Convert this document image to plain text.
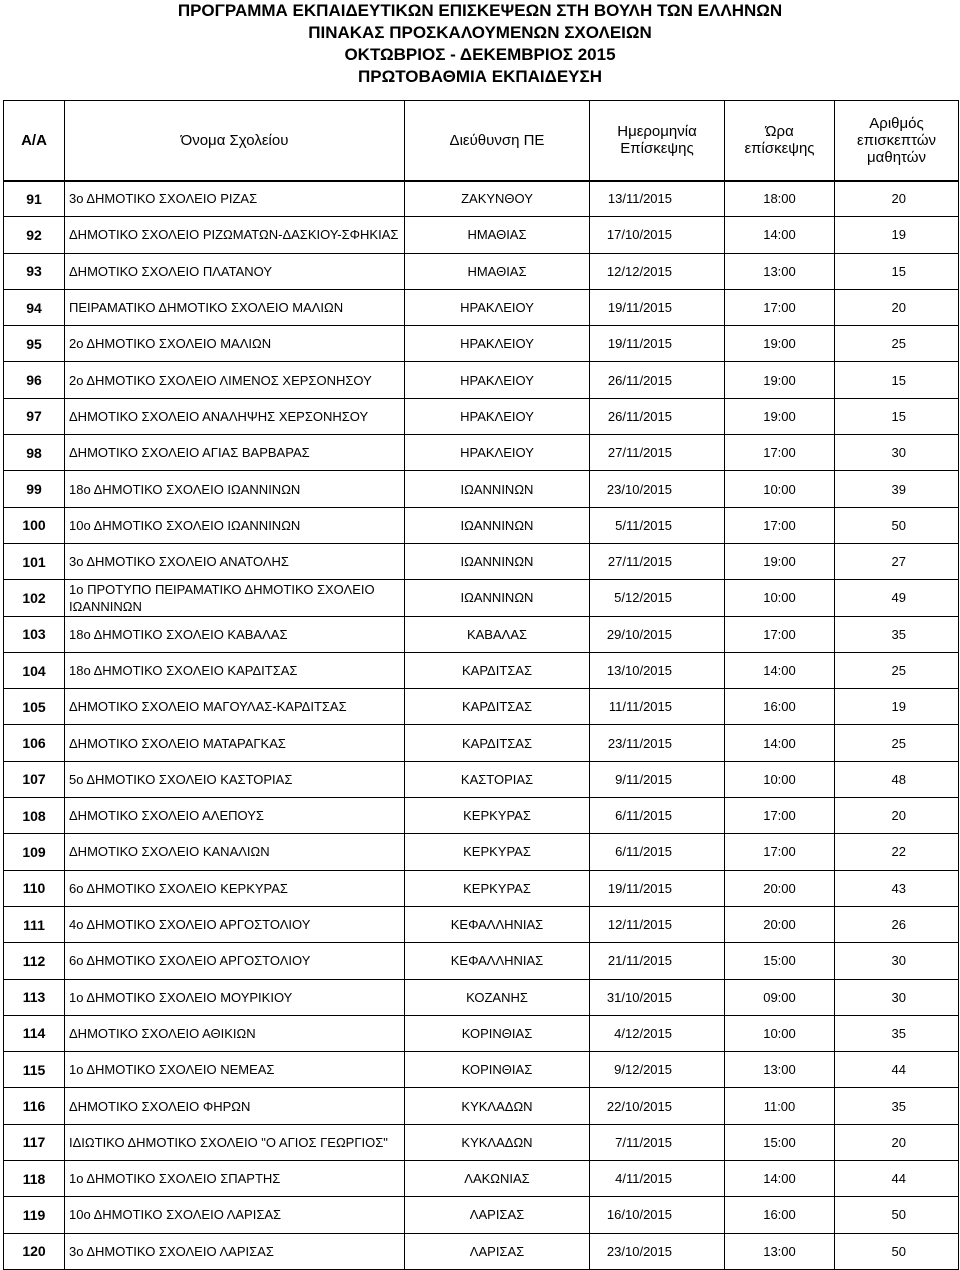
ΠΡΟΓΡΑΜΜΑ ΕΚΠΑΙΔΕΥΤΙΚΩΝ ΕΠΙΣΚΕΨΕΩΝ ΣΤΗ ΒΟΥΛΗ ΤΩΝ ΕΛΛΗΝΩΝ
ΠΙΝΑΚΑΣ ΠΡΟΣΚΑΛΟΥΜΕΝΩΝ ΣΧΟΛΕΙΩΝ
ΟΚΤΩΒΡΙΟΣ - ΔΕΚΕΜΒΡΙΟΣ 2015
ΠΡΩΤΟΒΑΘΜΙΑ ΕΚΠΑΙΔΕΥΣΗ
Α/Α	Όνομα Σχολείου	Διεύθυνση ΠΕ	Ημερομηνία Επίσκεψης	Ώρα επίσκεψης	Αριθμός επισκεπτών μαθητών
91	3ο ΔΗΜΟΤΙΚΟ ΣΧΟΛΕΙΟ ΡΙΖΑΣ	ΖΑΚΥΝΘΟΥ	13/11/2015	18:00	20
92	ΔΗΜΟΤΙΚΟ ΣΧΟΛΕΙΟ ΡΙΖΩΜΑΤΩΝ-ΔΑΣΚΙΟΥ-ΣΦΗΚΙΑΣ	ΗΜΑΘΙΑΣ	17/10/2015	14:00	19
93	ΔΗΜΟΤΙΚΟ ΣΧΟΛΕΙΟ ΠΛΑΤΑΝΟΥ	ΗΜΑΘΙΑΣ	12/12/2015	13:00	15
94	ΠΕΙΡΑΜΑΤΙΚΟ ΔΗΜΟΤΙΚΟ ΣΧΟΛΕΙΟ ΜΑΛΙΩΝ	ΗΡΑΚΛΕΙΟΥ	19/11/2015	17:00	20
95	2ο ΔΗΜΟΤΙΚΟ ΣΧΟΛΕΙΟ ΜΑΛΙΩΝ	ΗΡΑΚΛΕΙΟΥ	19/11/2015	19:00	25
96	2ο ΔΗΜΟΤΙΚΟ ΣΧΟΛΕΙΟ ΛΙΜΕΝΟΣ ΧΕΡΣΟΝΗΣΟΥ	ΗΡΑΚΛΕΙΟΥ	26/11/2015	19:00	15
97	ΔΗΜΟΤΙΚΟ ΣΧΟΛΕΙΟ ΑΝΑΛΗΨΗΣ ΧΕΡΣΟΝΗΣΟΥ	ΗΡΑΚΛΕΙΟΥ	26/11/2015	19:00	15
98	ΔΗΜΟΤΙΚΟ ΣΧΟΛΕΙΟ ΑΓΙΑΣ ΒΑΡΒΑΡΑΣ	ΗΡΑΚΛΕΙΟΥ	27/11/2015	17:00	30
99	18ο ΔΗΜΟΤΙΚΟ ΣΧΟΛΕΙΟ ΙΩΑΝΝΙΝΩΝ	ΙΩΑΝΝΙΝΩΝ	23/10/2015	10:00	39
100	10ο ΔΗΜΟΤΙΚΟ ΣΧΟΛΕΙΟ ΙΩΑΝΝΙΝΩΝ	ΙΩΑΝΝΙΝΩΝ	5/11/2015	17:00	50
101	3ο ΔΗΜΟΤΙΚΟ ΣΧΟΛΕΙΟ ΑΝΑΤΟΛΗΣ	ΙΩΑΝΝΙΝΩΝ	27/11/2015	19:00	27
102	1ο ΠΡΟΤΥΠΟ ΠΕΙΡΑΜΑΤΙΚΟ ΔΗΜΟΤΙΚΟ ΣΧΟΛΕΙΟ ΙΩΑΝΝΙΝΩΝ	ΙΩΑΝΝΙΝΩΝ	5/12/2015	10:00	49
103	18ο ΔΗΜΟΤΙΚΟ ΣΧΟΛΕΙΟ ΚΑΒΑΛΑΣ	ΚΑΒΑΛΑΣ	29/10/2015	17:00	35
104	18ο ΔΗΜΟΤΙΚΟ ΣΧΟΛΕΙΟ ΚΑΡΔΙΤΣΑΣ	ΚΑΡΔΙΤΣΑΣ	13/10/2015	14:00	25
105	ΔΗΜΟΤΙΚΟ ΣΧΟΛΕΙΟ ΜΑΓΟΥΛΑΣ-ΚΑΡΔΙΤΣΑΣ	ΚΑΡΔΙΤΣΑΣ	11/11/2015	16:00	19
106	ΔΗΜΟΤΙΚΟ ΣΧΟΛΕΙΟ ΜΑΤΑΡΑΓΚΑΣ	ΚΑΡΔΙΤΣΑΣ	23/11/2015	14:00	25
107	5ο ΔΗΜΟΤΙΚΟ ΣΧΟΛΕΙΟ ΚΑΣΤΟΡΙΑΣ	ΚΑΣΤΟΡΙΑΣ	9/11/2015	10:00	48
108	ΔΗΜΟΤΙΚΟ ΣΧΟΛΕΙΟ ΑΛΕΠΟΥΣ	ΚΕΡΚΥΡΑΣ	6/11/2015	17:00	20
109	ΔΗΜΟΤΙΚΟ ΣΧΟΛΕΙΟ ΚΑΝΑΛΙΩΝ	ΚΕΡΚΥΡΑΣ	6/11/2015	17:00	22
110	6ο ΔΗΜΟΤΙΚΟ ΣΧΟΛΕΙΟ ΚΕΡΚΥΡΑΣ	ΚΕΡΚΥΡΑΣ	19/11/2015	20:00	43
111	4ο ΔΗΜΟΤΙΚΟ ΣΧΟΛΕΙΟ ΑΡΓΟΣΤΟΛΙΟΥ	ΚΕΦΑΛΛΗΝΙΑΣ	12/11/2015	20:00	26
112	6ο ΔΗΜΟΤΙΚΟ ΣΧΟΛΕΙΟ ΑΡΓΟΣΤΟΛΙΟΥ	ΚΕΦΑΛΛΗΝΙΑΣ	21/11/2015	15:00	30
113	1ο ΔΗΜΟΤΙΚΟ ΣΧΟΛΕΙΟ ΜΟΥΡΙΚΙΟΥ	ΚΟΖΑΝΗΣ	31/10/2015	09:00	30
114	ΔΗΜΟΤΙΚΟ ΣΧΟΛΕΙΟ ΑΘΙΚΙΩΝ	ΚΟΡΙΝΘΙΑΣ	4/12/2015	10:00	35
115	1ο ΔΗΜΟΤΙΚΟ ΣΧΟΛΕΙΟ ΝΕΜΕΑΣ	ΚΟΡΙΝΘΙΑΣ	9/12/2015	13:00	44
116	ΔΗΜΟΤΙΚΟ ΣΧΟΛΕΙΟ ΦΗΡΩΝ	ΚΥΚΛΑΔΩΝ	22/10/2015	11:00	35
117	ΙΔΙΩΤΙΚΟ ΔΗΜΟΤΙΚΟ ΣΧΟΛΕΙΟ "Ο ΑΓΙΟΣ ΓΕΩΡΓΙΟΣ"	ΚΥΚΛΑΔΩΝ	7/11/2015	15:00	20
118	1ο ΔΗΜΟΤΙΚΟ ΣΧΟΛΕΙΟ ΣΠΑΡΤΗΣ	ΛΑΚΩΝΙΑΣ	4/11/2015	14:00	44
119	10ο ΔΗΜΟΤΙΚΟ ΣΧΟΛΕΙΟ ΛΑΡΙΣΑΣ	ΛΑΡΙΣΑΣ	16/10/2015	16:00	50
120	3ο ΔΗΜΟΤΙΚΟ ΣΧΟΛΕΙΟ ΛΑΡΙΣΑΣ	ΛΑΡΙΣΑΣ	23/10/2015	13:00	50
